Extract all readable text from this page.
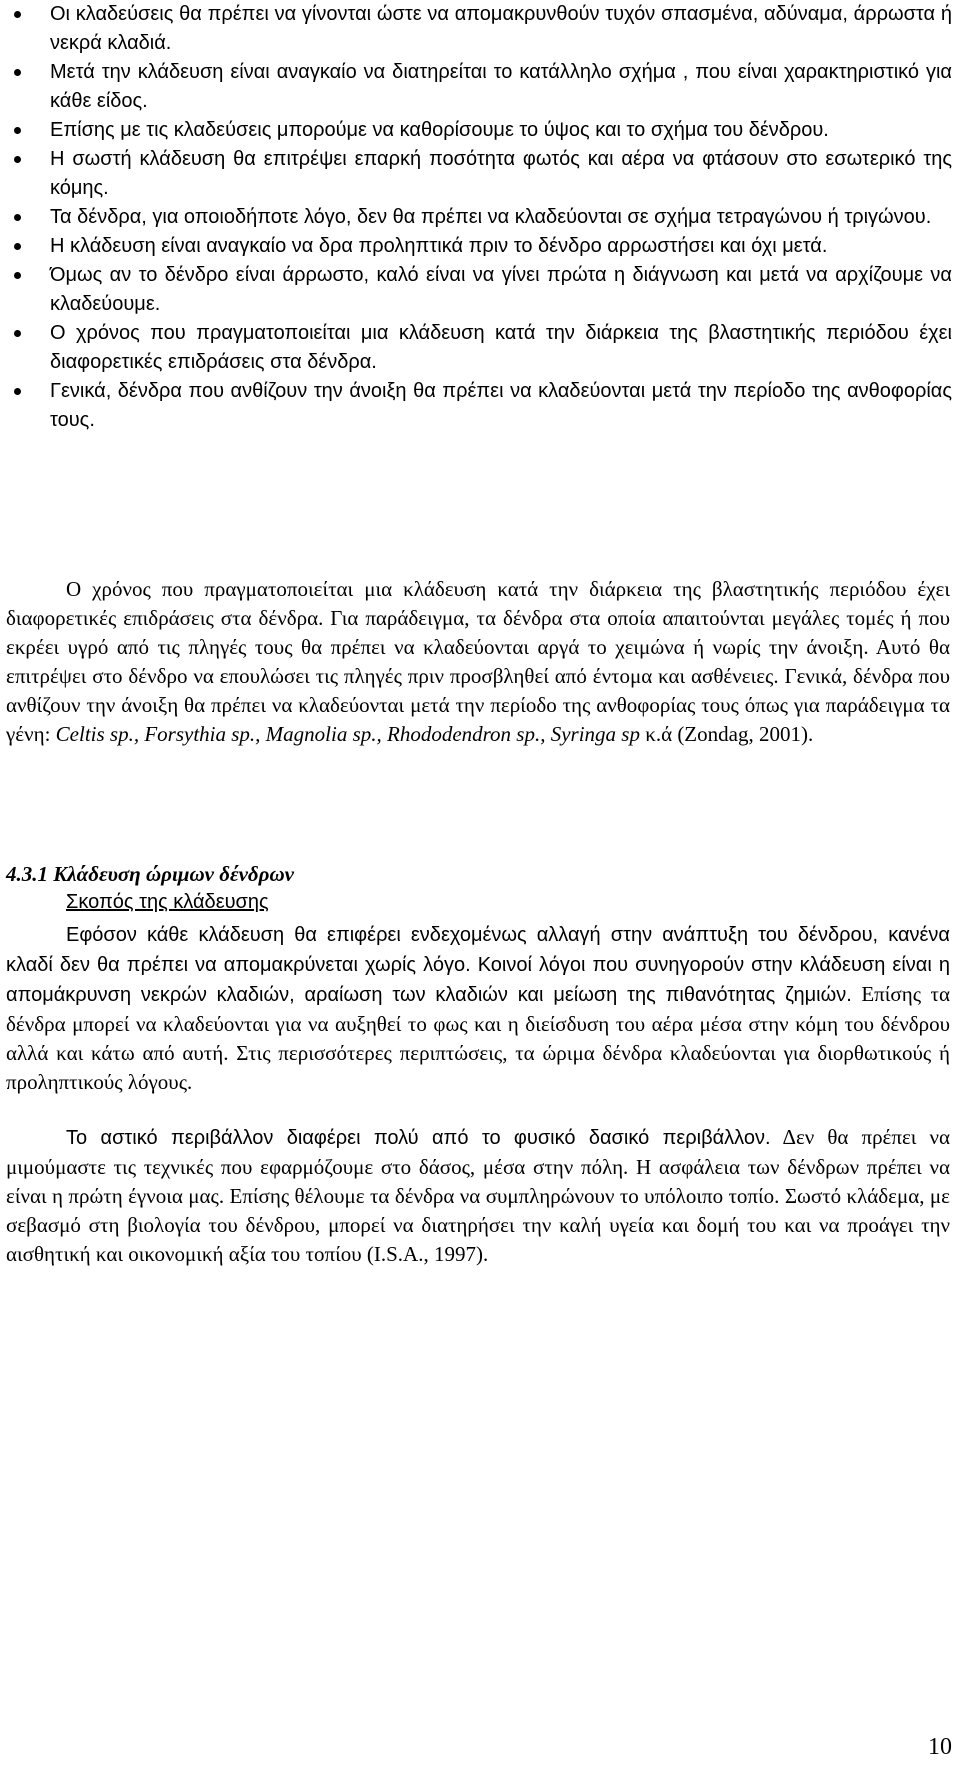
Οι κλαδεύσεις θα πρέπει να γίνονται ώστε να απομακρυνθούν τυχόν σπασμένα, αδύναμα, άρρωστα ή νεκρά κλαδιά.
Μετά την κλάδευση είναι αναγκαίο να διατηρείται το κατάλληλο σχήμα , που είναι χαρακτηριστικό για κάθε είδος.
Επίσης με τις κλαδεύσεις μπορούμε να καθορίσουμε το ύψος και το σχήμα του δένδρου.
Η σωστή κλάδευση θα επιτρέψει επαρκή ποσότητα φωτός και αέρα να φτάσουν στο εσωτερικό της κόμης.
Τα δένδρα, για οποιοδήποτε λόγο, δεν θα πρέπει να κλαδεύονται σε σχήμα τετραγώνου ή τριγώνου.
Η κλάδευση είναι αναγκαίο να δρα προληπτικά πριν το δένδρο αρρωστήσει και όχι μετά.
Όμως αν το δένδρο είναι άρρωστο, καλό είναι να γίνει πρώτα η διάγνωση και μετά να αρχίζουμε να κλαδεύουμε.
Ο χρόνος που πραγματοποιείται μια κλάδευση κατά την διάρκεια της βλαστητικής περιόδου έχει διαφορετικές επιδράσεις στα δένδρα.
Γενικά, δένδρα που ανθίζουν την άνοιξη θα πρέπει να κλαδεύονται μετά την περίοδο της ανθοφορίας τους.

Ο χρόνος που πραγματοποιείται μια κλάδευση κατά την διάρκεια της βλαστητικής περιόδου έχει διαφορετικές επιδράσεις στα δένδρα. Για παράδειγμα, τα δένδρα στα οποία απαιτούνται μεγάλες τομές ή που εκρέει υγρό από τις πληγές τους θα πρέπει να κλαδεύονται αργά το χειμώνα ή νωρίς την άνοιξη. Αυτό θα επιτρέψει στο δένδρο να επουλώσει τις πληγές πριν προσβληθεί από έντομα και ασθένειες. Γενικά, δένδρα που ανθίζουν την άνοιξη θα πρέπει να κλαδεύονται μετά την περίοδο της ανθοφορίας τους όπως για παράδειγμα τα γένη: Celtis sp., Forsythia sp., Magnolia sp., Rhododendron sp., Syringa sp κ.ά (Zondag, 2001).

4.3.1 Κλάδευση ώριμων δένδρων

Σκοπός της κλάδευσης

Εφόσον κάθε κλάδευση θα επιφέρει ενδεχομένως αλλαγή στην ανάπτυξη του δένδρου, κανένα κλαδί δεν θα πρέπει να απομακρύνεται χωρίς λόγο. Κοινοί λόγοι που συνηγορούν στην κλάδευση είναι η απομάκρυνση νεκρών κλαδιών, αραίωση των κλαδιών και μείωση της πιθανότητας ζημιών. Επίσης τα δένδρα μπορεί να κλαδεύονται για να αυξηθεί το φως και η διείσδυση του αέρα μέσα στην κόμη του δένδρου αλλά και κάτω από αυτή. Στις περισσότερες περιπτώσεις, τα ώριμα δένδρα κλαδεύονται για διορθωτικούς ή προληπτικούς λόγους.

Το αστικό περιβάλλον διαφέρει πολύ από το φυσικό δασικό περιβάλλον. Δεν θα πρέπει να μιμούμαστε τις τεχνικές που εφαρμόζουμε στο δάσος, μέσα στην πόλη. Η ασφάλεια των δένδρων πρέπει να είναι η πρώτη έγνοια μας. Επίσης θέλουμε τα δένδρα να συμπληρώνουν το υπόλοιπο τοπίο. Σωστό κλάδεμα, με σεβασμό στη βιολογία του δένδρου, μπορεί να διατηρήσει την καλή υγεία και δομή του και να προάγει την αισθητική και οικονομική αξία του τοπίου (I.S.A., 1997).

10
